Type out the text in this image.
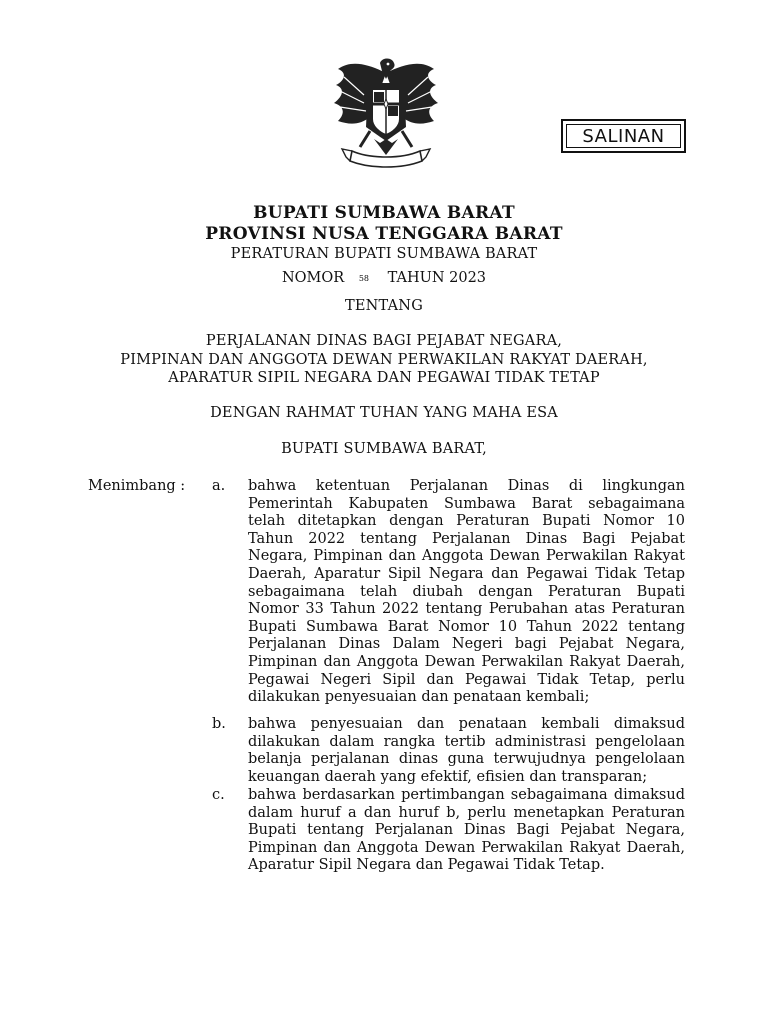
SALINAN
BUPATI SUMBAWA BARAT
PROVINSI NUSA TENGGARA BARAT
PERATURAN BUPATI SUMBAWA BARAT
NOMOR 58 TAHUN 2023
TENTANG
PERJALANAN DINAS BAGI PEJABAT NEGARA,
PIMPINAN DAN ANGGOTA DEWAN PERWAKILAN RAKYAT DAERAH,
APARATUR SIPIL NEGARA DAN PEGAWAI TIDAK TETAP
DENGAN RAHMAT TUHAN YANG MAHA ESA
BUPATI SUMBAWA BARAT,
Menimbang : a. bahwa ketentuan Perjalanan Dinas di lingkungan
Pemerintah Kabupaten Sumbawa Barat sebagaimana
telah ditetapkan dengan Peraturan Bupati Nomor 10
Tahun 2022 tentang Perjalanan Dinas Bagi Pejabat
Negara, Pimpinan dan Anggota Dewan Perwakilan Rakyat
Daerah, Aparatur Sipil Negara dan Pegawai Tidak Tetap
sebagaimana telah diubah dengan Peraturan Bupati
Nomor 33 Tahun 2022 tentang Perubahan atas Peraturan
Bupati Sumbawa Barat Nomor 10 Tahun 2022 tentang
Perjalanan Dinas Dalam Negeri bagi Pejabat Negara,
Pimpinan dan Anggota Dewan Perwakilan Rakyat Daerah,
Pegawai Negeri Sipil dan Pegawai Tidak Tetap, perlu
dilakukan penyesuaian dan penataan kembali;
b. bahwa penyesuaian dan penataan kembali dimaksud
dilakukan dalam rangka tertib administrasi pengelolaan
belanja perjalanan dinas guna terwujudnya pengelolaan
keuangan daerah yang efektif, efisien dan transparan;
c. bahwa berdasarkan pertimbangan sebagaimana dimaksud
dalam huruf a dan huruf b, perlu menetapkan Peraturan
Bupati tentang Perjalanan Dinas Bagi Pejabat Negara,
Pimpinan dan Anggota Dewan Perwakilan Rakyat Daerah,
Aparatur Sipil Negara dan Pegawai Tidak Tetap.
